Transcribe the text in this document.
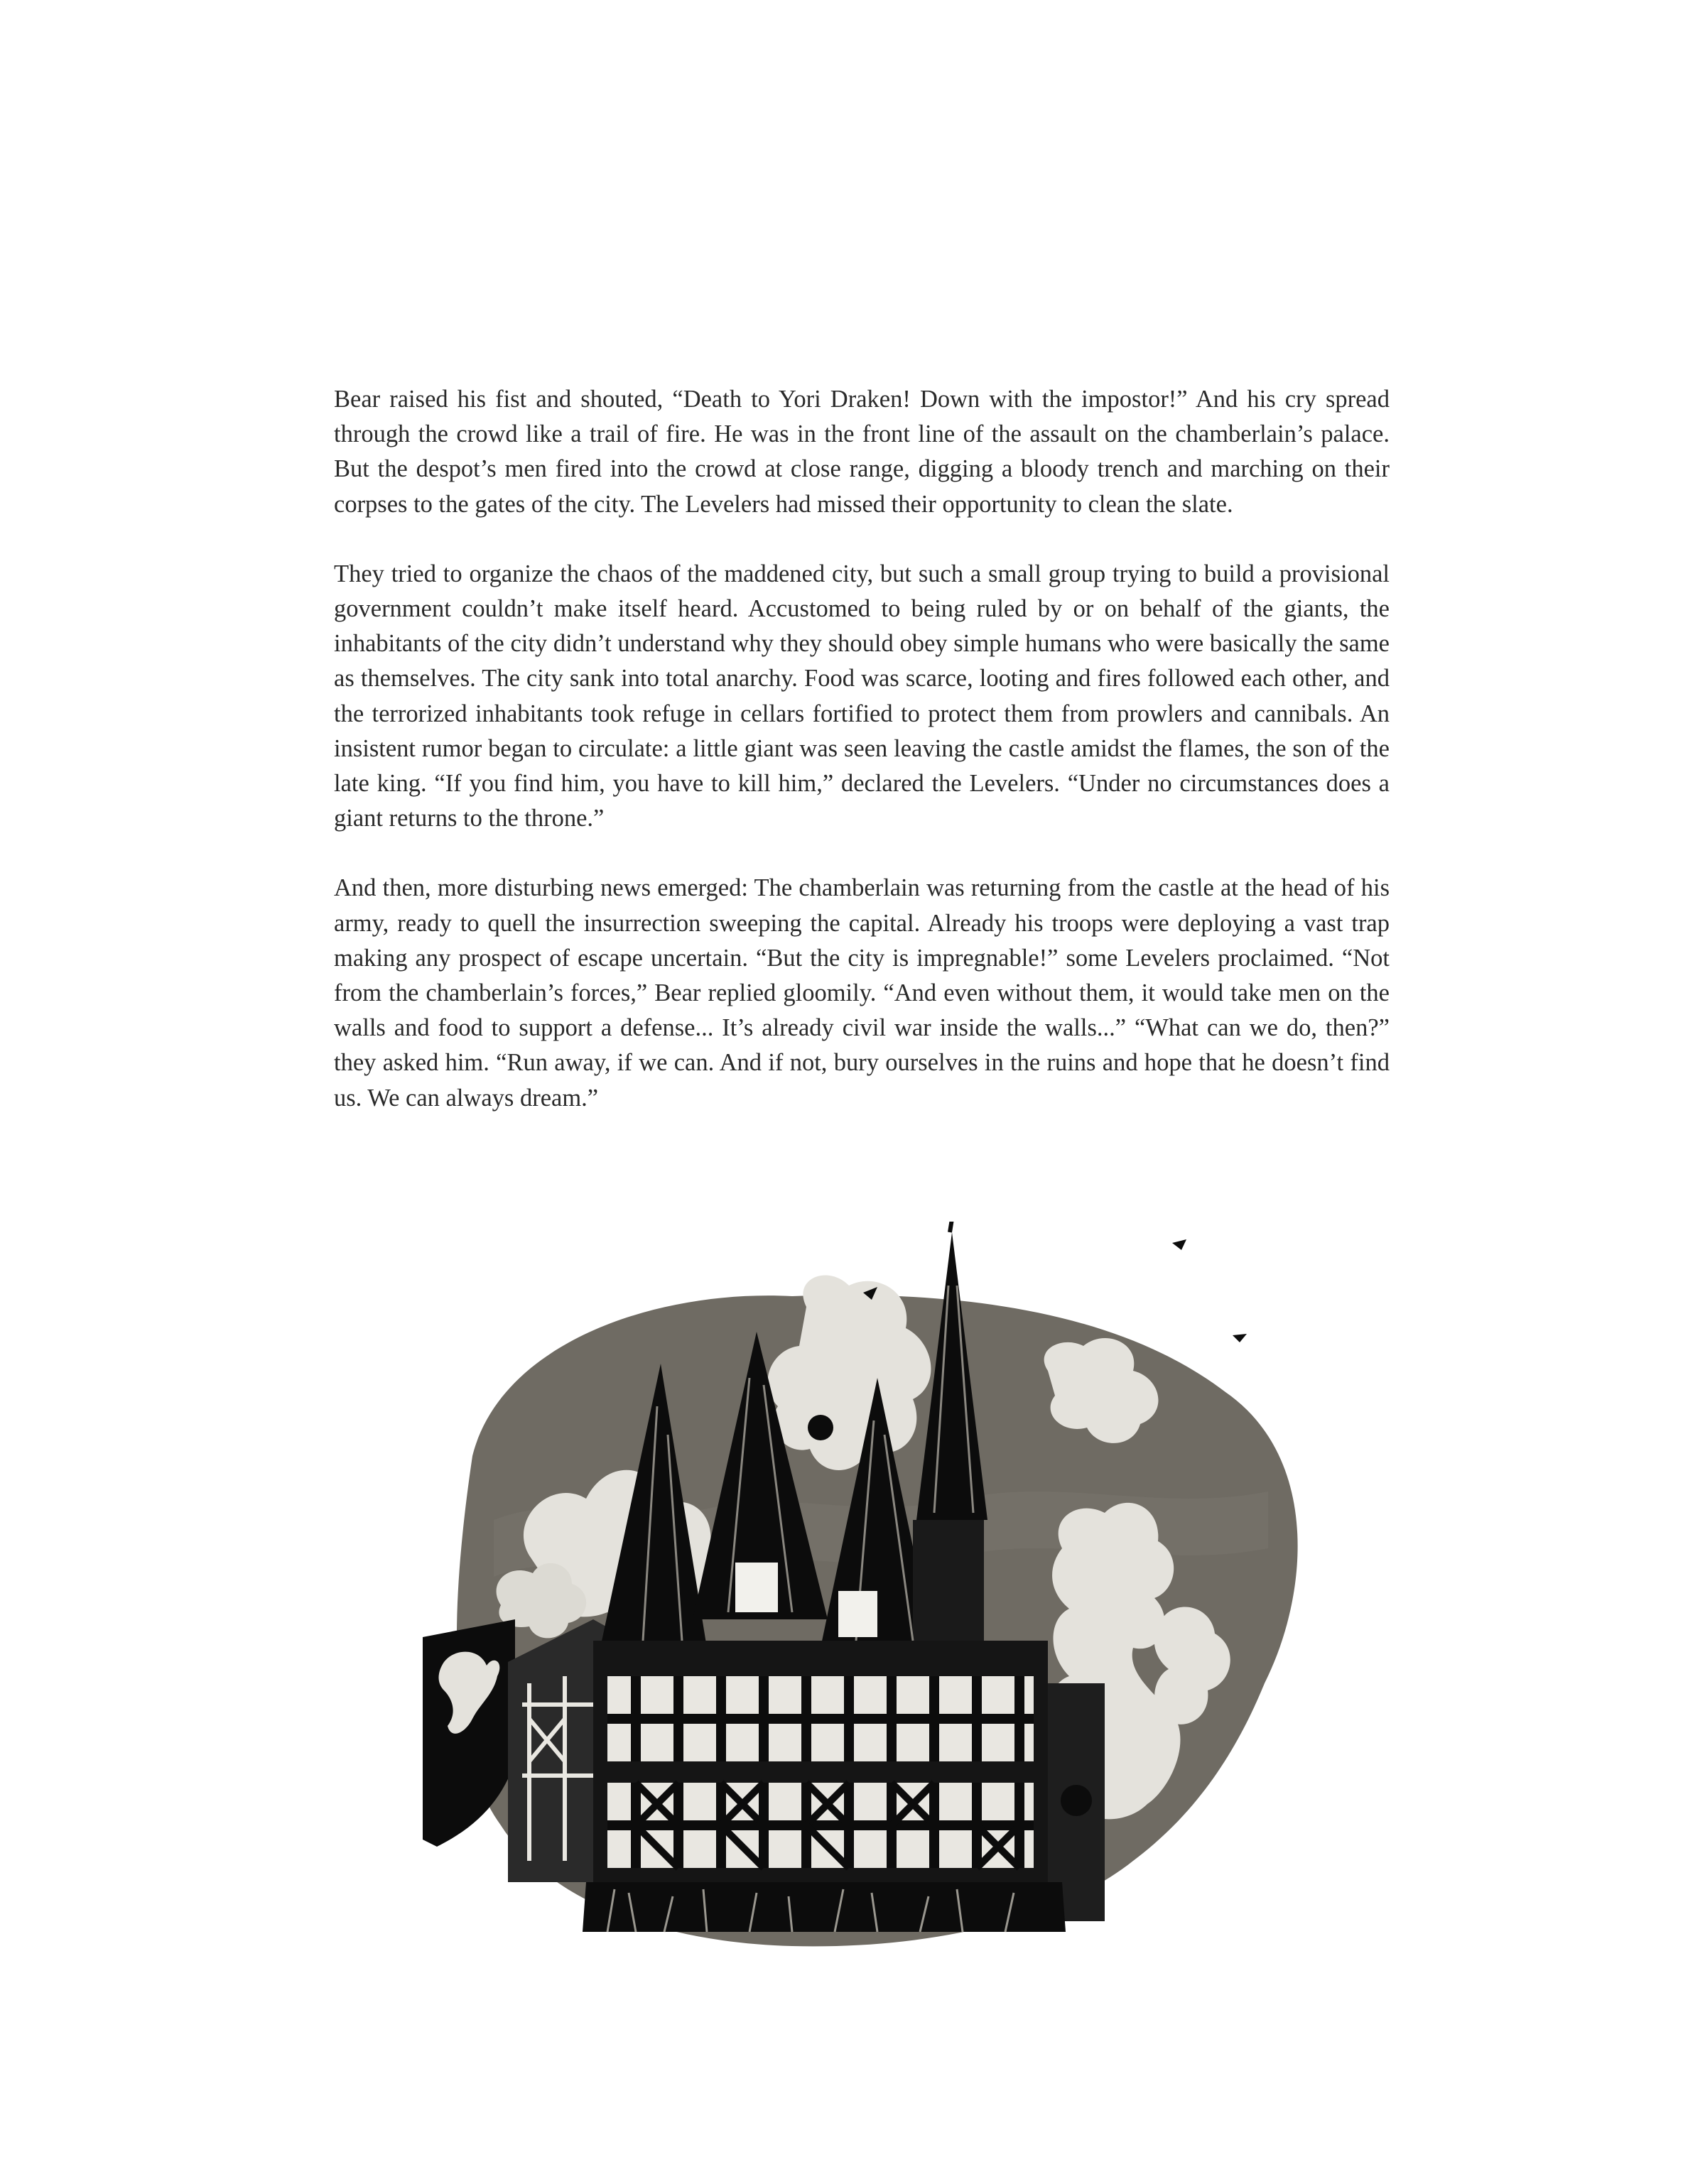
Bear raised his fist and shouted, “Death to Yori Draken! Down with the impostor!” And his cry spread through the crowd like a trail of fire. He was in the front line of the assault on the chamberlain’s palace. But the despot’s men fired into the crowd at close range, digging a bloody trench and marching on their corpses to the gates of the city. The Levelers had missed their opportunity to clean the slate.

They tried to organize the chaos of the maddened city, but such a small group trying to build a provisional government couldn’t make itself heard. Accustomed to being ruled by or on behalf of the giants, the inhabitants of the city didn’t understand why they should obey simple humans who were basically the same as themselves. The city sank into total anarchy. Food was scarce, looting and fires followed each other, and the terrorized inhabitants took refuge in cellars fortified to protect them from prowlers and cannibals. An insistent rumor began to circulate: a little giant was seen leaving the castle amidst the flames, the son of the late king. “If you find him, you have to kill him,” declared the Levelers. “Under no circumstances does a giant returns to the throne.”

And then, more disturbing news emerged: The chamberlain was returning from the castle at the head of his army, ready to quell the insurrection sweeping the capital. Already his troops were deploying a vast trap making any prospect of escape uncertain. “But the city is impregnable!” some Levelers proclaimed. “Not from the chamberlain’s forces,” Bear replied gloomily. “And even without them, it would take men on the walls and food to support a defense... It’s already civil war inside the walls...” “What can we do, then?” they asked him. “Run away, if we can. And if not, bury ourselves in the ruins and hope that he doesn’t find us. We can always dream.”
